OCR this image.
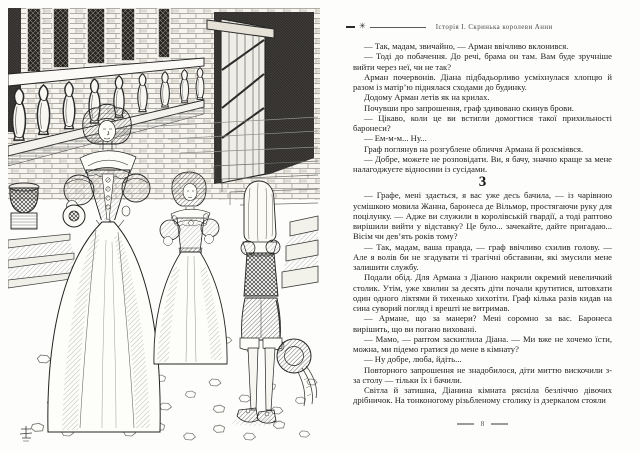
✳	Історія І. Скринька королеви Анни

— Так, мадам, звичайно, — Арман ввічливо вклонився.

— Тоді до побачення. До речі, брама он там. Вам буде зручніше вийти через неї, чи не так?

Арман почервонів. Діана підбадьорливо усміхнулася хлопцю й разом із матір’ю піднялася сходами до будинку.

Додому Арман летів як на крилах.

Почувши про запрошення, граф здивовано скинув брови.

— Цікаво, коли це ви встигли домогтися такої прихильності баронеси?

— Ем-м-м... Ну...

Граф поглянув на розгублене обличчя Армана й розсміявся.

— Добре, можете не розповідати. Ви, я бачу, значно краще за мене налагоджуєте відносини із сусідами.

3

— Графе, мені здається, я вас уже десь бачила, — із чарівною усмішкою мовила Жанна, баронеса де Вільмор, простягаючи руку для поцілунку. — Адже ви служили в королівській гвардії, а тоді раптово вирішили вийти у відставку? Це було... зачекайте, дайте пригадаю... Вісім чи дев’ять років тому?

— Так, мадам, ваша правда, — граф ввічливо схилив голову. — Але я волів би не згадувати ті трагічні обставини, які змусили мене залишити службу.

Подали обід. Для Армана з Діаною накрили окремий невеличкий столик. Утім, уже хвилин за десять діти почали крутитися, штовхати один одного ліктями й тихенько хихотіти. Граф кілька разів кидав на сина суворий погляд і врешті не витримав.

— Армане, що за манери? Мені соромно за вас. Баронеса вирішить, що ви погано виховані.

— Мамо, — раптом заскиглила Діана. — Ми вже не хочемо їсти, можна, ми підемо гратися до мене в кімнату?

— Ну добре, люба, йдіть...

Повторного запрошення не знадобилося, діти миттю вискочили з-за столу — тільки їх і бачили.

Світла й затишна, Діанина кімната рясніла безліччю дівочих дрібничок. На тонконогому різьбленому столику із дзеркалом стояли

8
